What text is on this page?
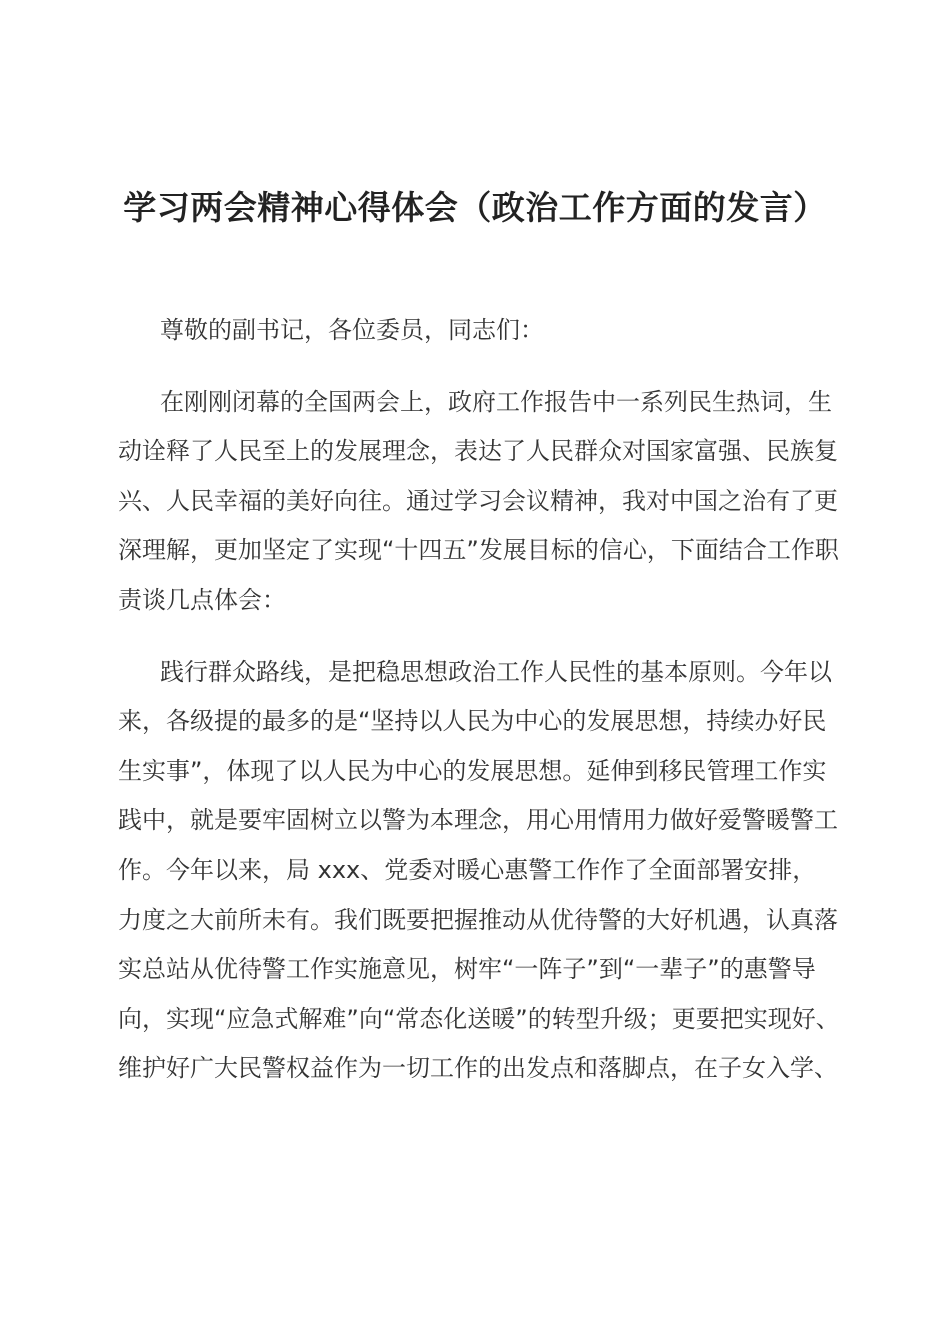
学习两会精神心得体会（政治工作方面的发言）

尊敬的副书记，各位委员，同志们：

在刚刚闭幕的全国两会上，政府工作报告中一系列民生热词，生动诠释了人民至上的发展理念，表达了人民群众对国家富强、民族复兴、人民幸福的美好向往。通过学习会议精神，我对中国之治有了更深理解，更加坚定了实现“十四五”发展目标的信心，下面结合工作职责谈几点体会：

践行群众路线，是把稳思想政治工作人民性的基本原则。今年以来，各级提的最多的是“坚持以人民为中心的发展思想，持续办好民生实事”，体现了以人民为中心的发展思想。延伸到移民管理工作实践中，就是要牢固树立以警为本理念，用心用情用力做好爱警暖警工作。今年以来，局 xxx、党委对暖心惠警工作作了全面部署安排，力度之大前所未有。我们既要把握推动从优待警的大好机遇，认真落实总站从优待警工作实施意见，树牢“一阵子”到“一辈子”的惠警导向，实现“应急式解难”向“常态化送暖”的转型升级；更要把实现好、维护好广大民警权益作为一切工作的出发点和落脚点，在子女入学、
